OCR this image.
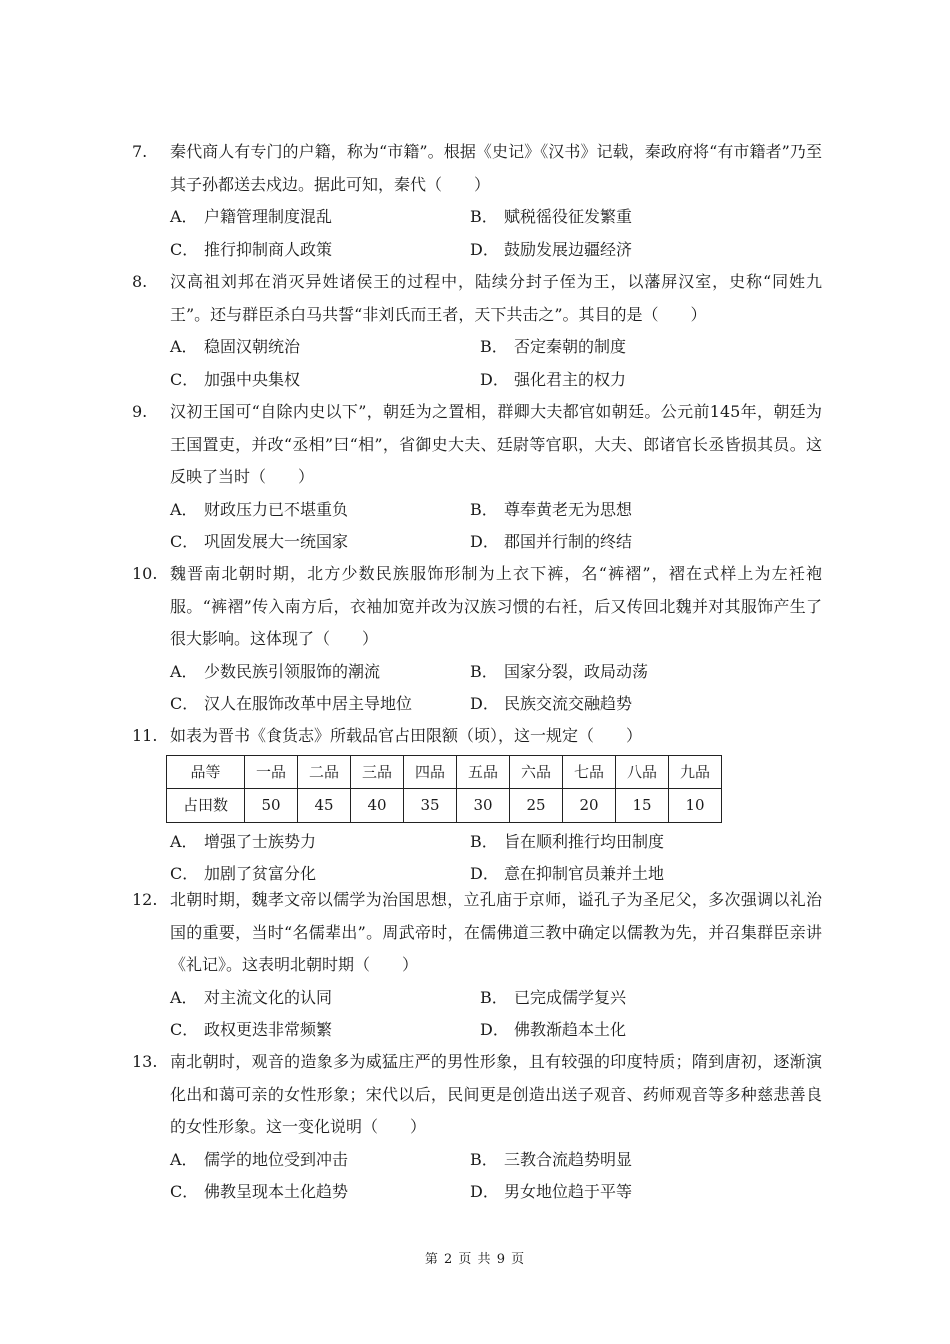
7. 秦代商人有专门的户籍，称为“市籍”。根据《史记》《汉书》记载，秦政府将“有市籍者”乃至其子孙都送去戍边。据此可知，秦代（　　）
A． 户籍管理制度混乱	B． 赋税徭役征发繁重
C． 推行抑制商人政策	D． 鼓励发展边疆经济
8. 汉高祖刘邦在消灭异姓诸侯王的过程中，陆续分封子侄为王，以藩屏汉室，史称“同姓九王”。还与群臣杀白马共誓“非刘氏而王者，天下共击之”。其目的是（　　）
A． 稳固汉朝统治	B． 否定秦朝的制度
C． 加强中央集权	D． 强化君主的权力
9. 汉初王国可“自除内史以下”，朝廷为之置相，群卿大夫都官如朝廷。公元前145年，朝廷为王国置吏，并改“丞相”曰“相”，省御史大夫、廷尉等官职，大夫、郎诸官长丞皆损其员。这反映了当时（　　）
A． 财政压力已不堪重负	B． 尊奉黄老无为思想
C． 巩固发展大一统国家	D． 郡国并行制的终结
10. 魏晋南北朝时期，北方少数民族服饰形制为上衣下裤，名“裤褶”，褶在式样上为左衽袍服。“裤褶”传入南方后，衣袖加宽并改为汉族习惯的右衽，后又传回北魏并对其服饰产生了很大影响。这体现了（　　）
A． 少数民族引领服饰的潮流	B． 国家分裂，政局动荡
C． 汉人在服饰改革中居主导地位	D． 民族交流交融趋势
11. 如表为晋书《食货志》所载品官占田限额（顷），这一规定（　　）
品等	一品	二品	三品	四品	五品	六品	七品	八品	九品
占田数	50	45	40	35	30	25	20	15	10
A． 增强了士族势力	B． 旨在顺利推行均田制度
C． 加剧了贫富分化	D． 意在抑制官员兼并土地
12. 北朝时期，魏孝文帝以儒学为治国思想，立孔庙于京师，谥孔子为圣尼父，多次强调以礼治国的重要，当时“名儒辈出”。周武帝时，在儒佛道三教中确定以儒教为先，并召集群臣亲讲《礼记》。这表明北朝时期（　　）
A． 对主流文化的认同	B． 已完成儒学复兴
C． 政权更迭非常频繁	D． 佛教渐趋本土化
13. 南北朝时，观音的造象多为威猛庄严的男性形象，且有较强的印度特质；隋到唐初，逐渐演化出和蔼可亲的女性形象；宋代以后，民间更是创造出送子观音、药师观音等多种慈悲善良的女性形象。这一变化说明（　　）
A． 儒学的地位受到冲击	B． 三教合流趋势明显
C． 佛教呈现本土化趋势	D． 男女地位趋于平等
第 2 页 共 9 页
